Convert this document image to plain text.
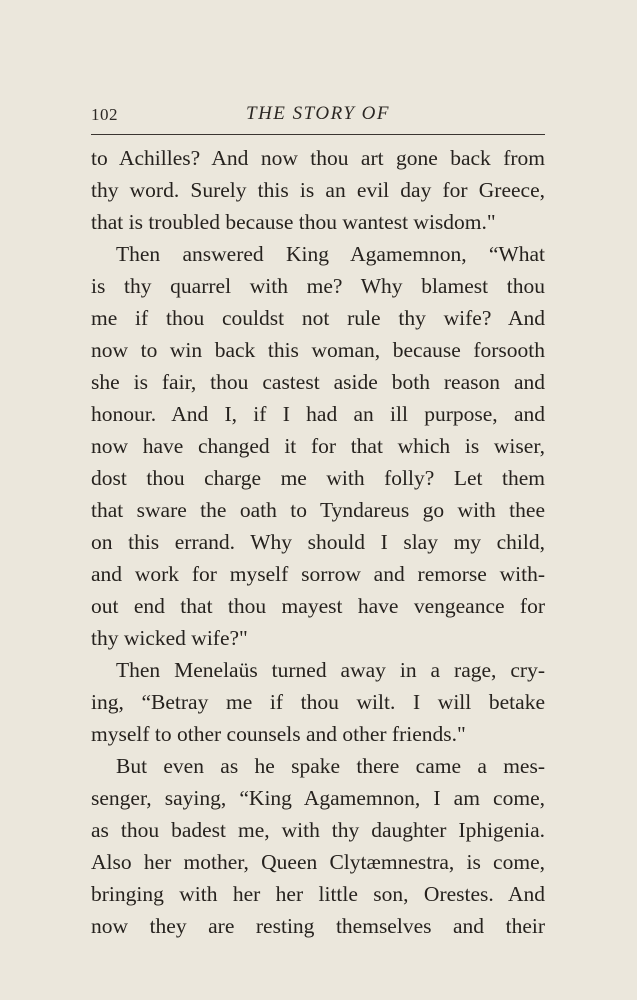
102	THE STORY OF
to Achilles? And now thou art gone back from
thy word. Surely this is an evil day for Greece,
that is troubled because thou wantest wisdom."
Then answered King Agamemnon, “What
is thy quarrel with me? Why blamest thou
me if thou couldst not rule thy wife? And
now to win back this woman, because forsooth
she is fair, thou castest aside both reason and
honour. And I, if I had an ill purpose, and
now have changed it for that which is wiser,
dost thou charge me with folly? Let them
that sware the oath to Tyndareus go with thee
on this errand. Why should I slay my child,
and work for myself sorrow and remorse with-
out end that thou mayest have vengeance for
thy wicked wife?"
Then Menelaüs turned away in a rage, cry-
ing, “Betray me if thou wilt. I will betake
myself to other counsels and other friends."
But even as he spake there came a mes-
senger, saying, “King Agamemnon, I am come,
as thou badest me, with thy daughter Iphigenia.
Also her mother, Queen Clytæmnestra, is come,
bringing with her her little son, Orestes. And
now they are resting themselves and their
